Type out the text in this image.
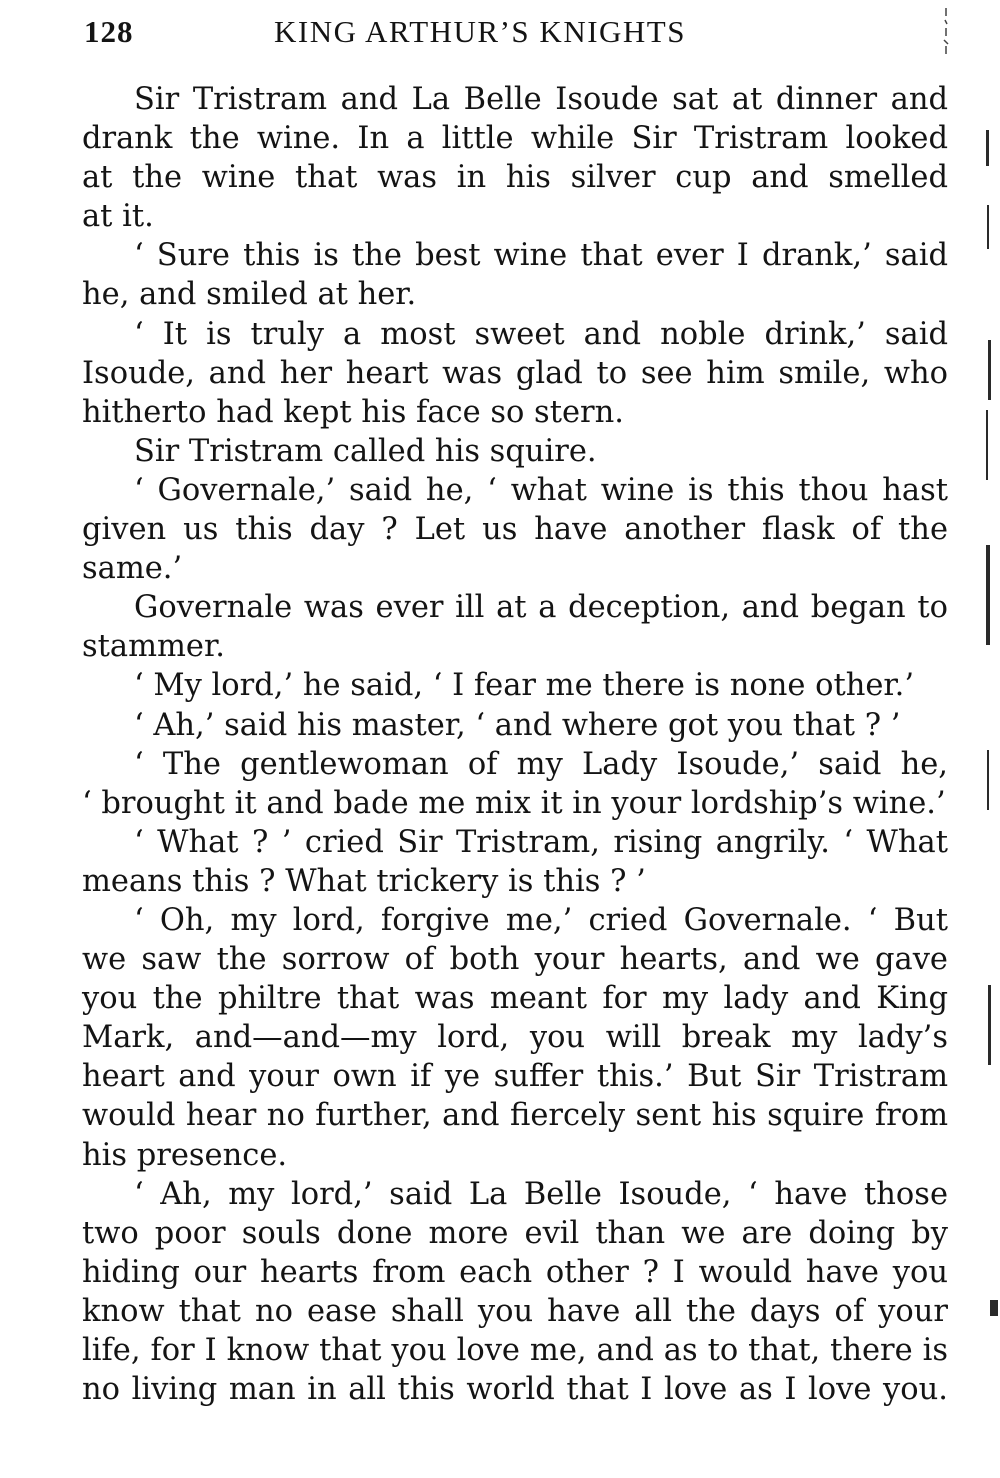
128	KING ARTHUR’S KNIGHTS
Sir Tristram and La Belle Isoude sat at dinner and
drank the wine. In a little while Sir Tristram looked
at the wine that was in his silver cup and smelled
at it.
‘ Sure this is the best wine that ever I drank,’ said
he, and smiled at her.
‘ It is truly a most sweet and noble drink,’ said
Isoude, and her heart was glad to see him smile, who
hitherto had kept his face so stern.
Sir Tristram called his squire.
‘ Governale,’ said he, ‘ what wine is this thou hast
given us this day ? Let us have another flask of the
same.’
Governale was ever ill at a deception, and began to
stammer.
‘ My lord,’ he said, ‘ I fear me there is none other.’
‘ Ah,’ said his master, ‘ and where got you that ? ’
‘ The gentlewoman of my Lady Isoude,’ said he,
‘ brought it and bade me mix it in your lordship’s wine.’
‘ What ? ’ cried Sir Tristram, rising angrily. ‘ What
means this ? What trickery is this ? ’
‘ Oh, my lord, forgive me,’ cried Governale. ‘ But
we saw the sorrow of both your hearts, and we gave
you the philtre that was meant for my lady and King
Mark, and—and—my lord, you will break my lady’s
heart and your own if ye suffer this.’ But Sir Tristram
would hear no further, and fiercely sent his squire from
his presence.
‘ Ah, my lord,’ said La Belle Isoude, ‘ have those
two poor souls done more evil than we are doing by
hiding our hearts from each other ? I would have you
know that no ease shall you have all the days of your
life, for I know that you love me, and as to that, there is
no living man in all this world that I love as I love you.
